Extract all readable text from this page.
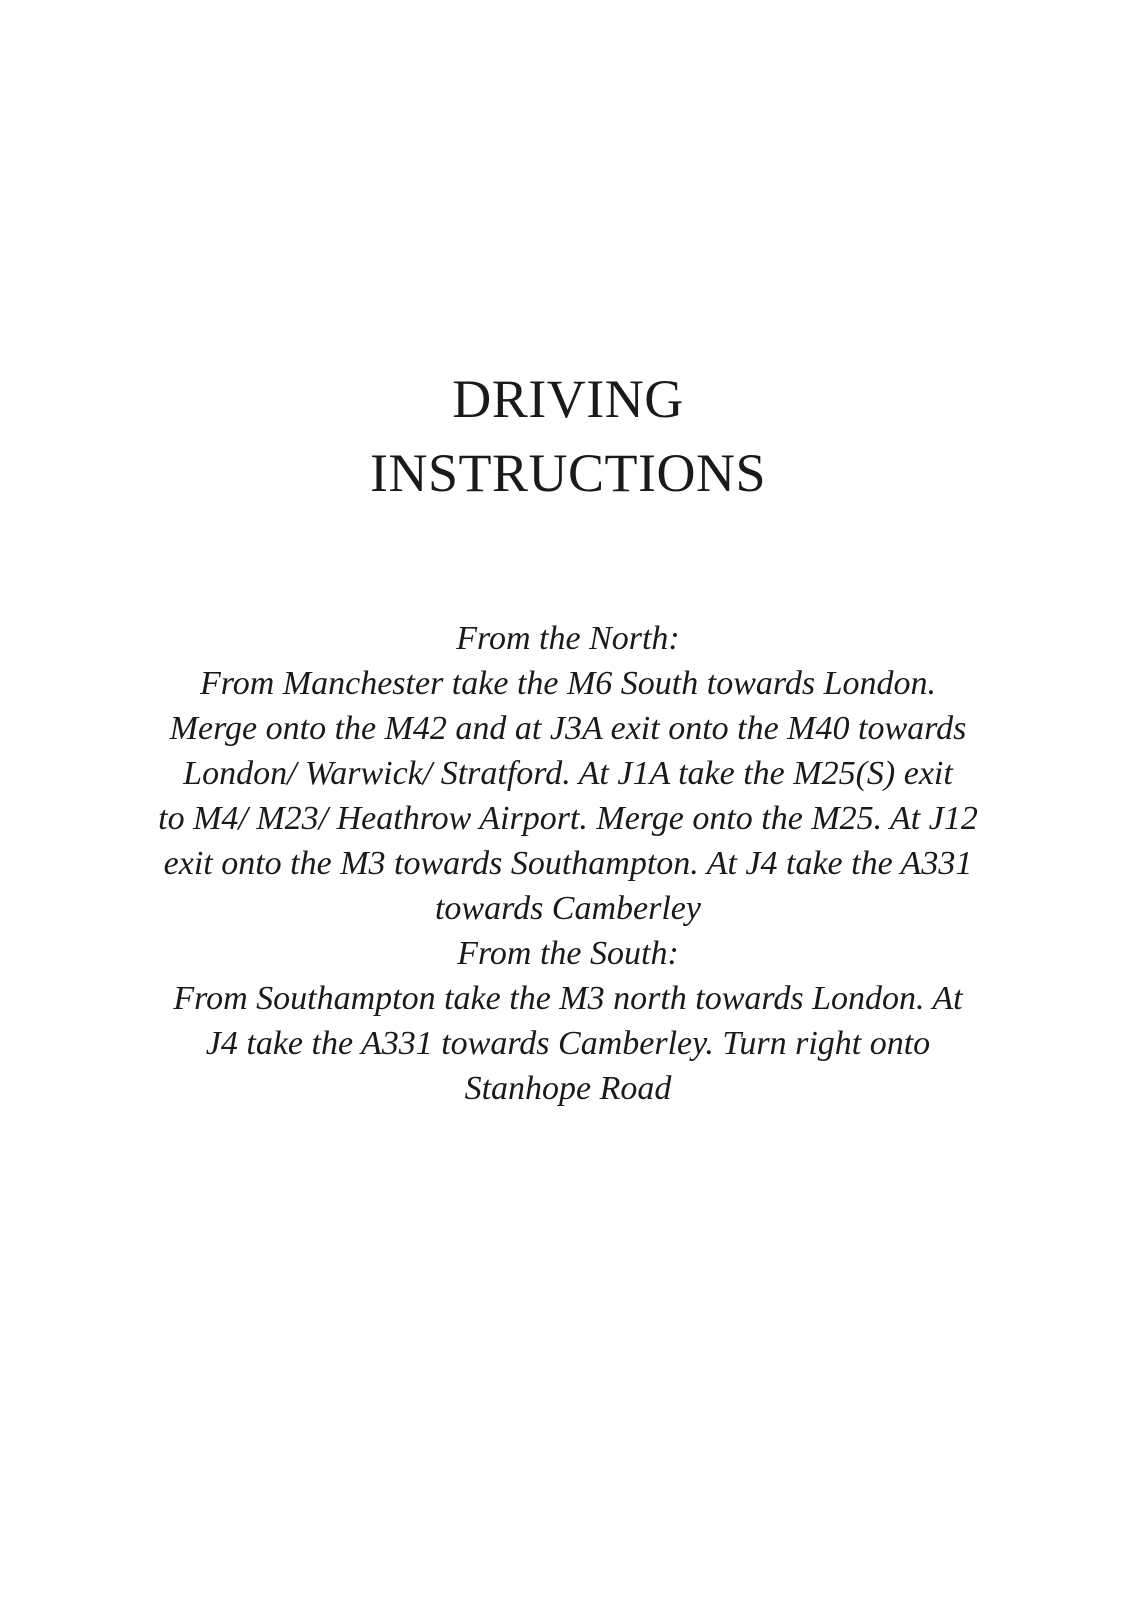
DRIVING
INSTRUCTIONS
From the North:
From Manchester take the M6 South towards London.
Merge onto the M42 and at J3A exit onto the M40 towards
London/ Warwick/ Stratford. At J1A take the M25(S) exit
to M4/ M23/ Heathrow Airport. Merge onto the M25. At J12
exit onto the M3 towards Southampton. At J4 take the A331
towards Camberley
From the South:
From Southampton take the M3 north towards London. At
J4 take the A331 towards Camberley. Turn right onto
Stanhope Road
